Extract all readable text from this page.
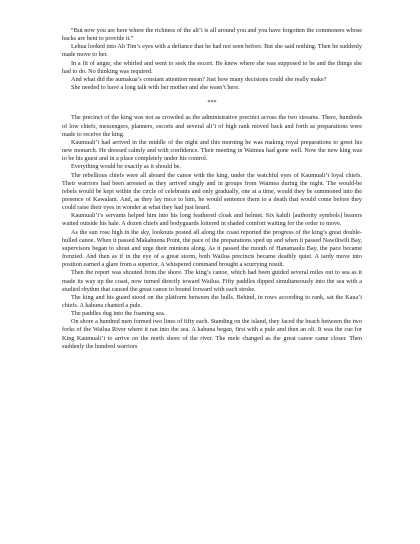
“But now you are here where the richness of the ali’i is all around you and you have forgotten the commoners whose backs are bent to provide it.”

Lehua looked into Ah Tim’s eyes with a defiance that he had not seen before. But she said nothing. Then he suddenly made move to her.

In a fit of anger, she whirled and went to seek the escort. He knew where she was supposed to be and the things she had to do. No thinking was required.

And what did the aumakua’s constant attention mean? Just how many decisions could she really make?

She needed to have a long talk with her mother and she wasn’t here.

***

The precinct of the king was not as crowded as the administrative precinct across the two streams. There, hundreds of low chiefs, messengers, planners, escorts and several ali’i of high rank moved back and forth as preparations were made to receive the king.

Kaumuali’i had arrived in the middle of the night and this morning he was making royal preparations to greet his new monarch. He dressed calmly and with confidence. Their meeting in Waimea had gone well. Now the new king was to be his guest and in a place completely under his control.

Everything would be exactly as it should be.

The rebellious chiefs were all aboard the canoe with the king, under the watchful eyes of Kaumuali’i loyal chiefs. Their warriors had been arrested as they arrived singly and in groups from Waimea during the night. The would-be rebels would be kept within the circle of celebrants and only gradually, one at a time, would they be summoned into the presence of Kawalani. And, as they lay mo.e to him, he would sentence them to a death that would come before they could raise their eyes in wonder at what they had just heard.

Kaumuali’i’s servants helped him into his long feathered cloak and helmet. Six kahili [authority symbols] bearers waited outside his hale. A dozen chiefs and bodyguards loitered in shaded comfort waiting for the order to move.

As the sun rose high in the sky, lookouts posted all along the coast reported the progress of the king’s great double-hulled canoe. When it passed Makahuena Point, the pace of the preparations sped up and when it passed Nawiliwili Bay, supervisors began to shout and urge their minions along. As it passed the mouth of Hanamaulu Bay, the pace became frenzied. And then as if in the eye of a great storm, both Wailua precincts became deathly quiet. A tardy move into position earned a glare from a superior. A whispered command brought a scurrying result.

Then the report was shouted from the shore. The king’s canoe, which had been guided several miles out to sea as it made its way up the coast, now turned directly toward Wailua. Fifty paddles dipped simultaneously into the sea with a studied rhythm that caused the great canoe to bound forward with each stroke.

The king and his guard stood on the platform between the hulls. Behind, in rows according to rank, sat the Kaua’i chiefs. A kahuna chanted a pule.

The paddles dug into the foaming sea.

On shore a hundred men formed two lines of fifty each. Standing on the island, they faced the beach between the two forks of the Wailua River where it ran into the sea. A kahuna began, first with a pule and then an oli. It was the cue for King Kaumuali’i to arrive on the north shore of the river. The mele changed as the great canoe came closer. Then suddenly the hundred warriors
